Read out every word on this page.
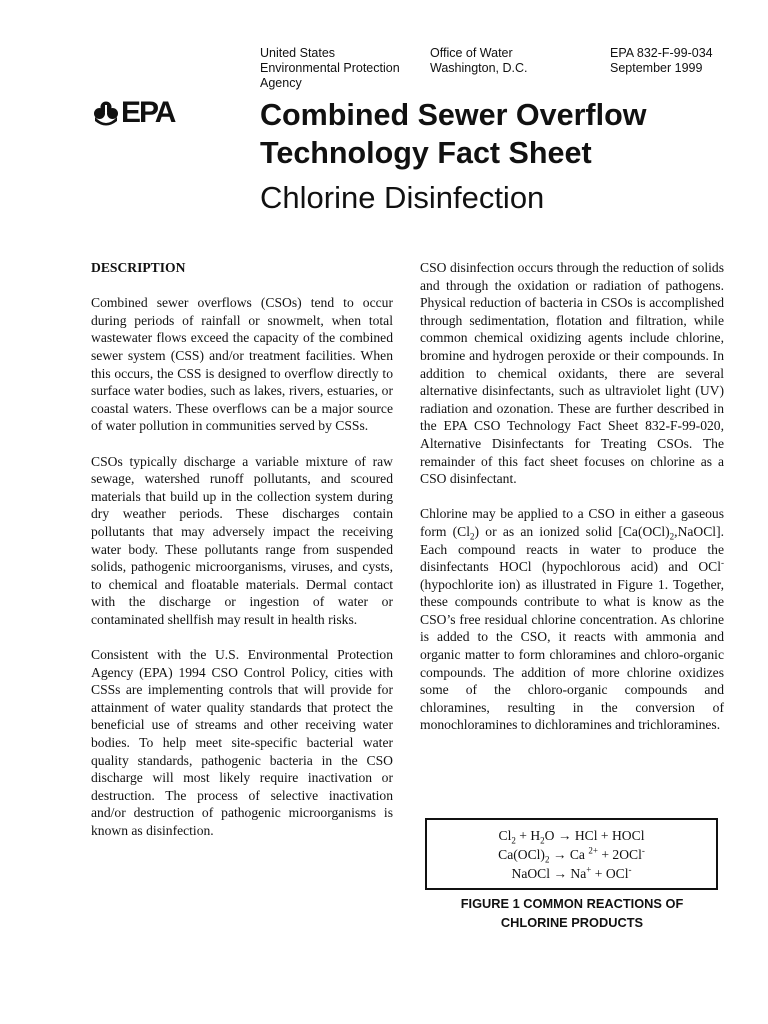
United States
Environmental Protection
Agency
Office of Water
Washington, D.C.
EPA 832-F-99-034
September 1999
EPA	Combined Sewer Overflow
Technology Fact Sheet
Chlorine Disinfection
DESCRIPTION

Combined sewer overflows (CSOs) tend to occur during periods of rainfall or snowmelt, when total wastewater flows exceed the capacity of the combined sewer system (CSS) and/or treatment facilities. When this occurs, the CSS is designed to overflow directly to surface water bodies, such as lakes, rivers, estuaries, or coastal waters. These overflows can be a major source of water pollution in communities served by CSSs.

CSOs typically discharge a variable mixture of raw sewage, watershed runoff pollutants, and scoured materials that build up in the collection system during dry weather periods. These discharges contain pollutants that may adversely impact the receiving water body. These pollutants range from suspended solids, pathogenic microorganisms, viruses, and cysts, to chemical and floatable materials. Dermal contact with the discharge or ingestion of water or contaminated shellfish may result in health risks.

Consistent with the U.S. Environmental Protection Agency (EPA) 1994 CSO Control Policy, cities with CSSs are implementing controls that will provide for attainment of water quality standards that protect the beneficial use of streams and other receiving water bodies. To help meet site-specific bacterial water quality standards, pathogenic bacteria in the CSO discharge will most likely require inactivation or destruction. The process of selective inactivation and/or destruction of pathogenic microorganisms is known as disinfection.

CSO disinfection occurs through the reduction of solids and through the oxidation or radiation of pathogens. Physical reduction of bacteria in CSOs is accomplished through sedimentation, flotation and filtration, while common chemical oxidizing agents include chlorine, bromine and hydrogen peroxide or their compounds. In addition to chemical oxidants, there are several alternative disinfectants, such as ultraviolet light (UV) radiation and ozonation. These are further described in the EPA CSO Technology Fact Sheet 832-F-99-020, Alternative Disinfectants for Treating CSOs. The remainder of this fact sheet focuses on chlorine as a CSO disinfectant.

Chlorine may be applied to a CSO in either a gaseous form $(Cl_2)$ or as an ionized solid $[Ca(OCl)_2,NaOCl]$. Each compound reacts in water to produce the disinfectants HOCl (hypochlorous acid) and OCl- (hypochlorite ion) as illustrated in Figure 1. Together, these compounds contribute to what is know as the CSO’s free residual chlorine concentration. As chlorine is added to the CSO, it reacts with ammonia and organic matter to form chloramines and chloro-organic compounds. The addition of more chlorine oxidizes some of the chloro-organic compounds and chloramines, resulting in the conversion of monochloramines to dichloramines and trichloramines.

$Cl_2 + H_2O$ → HCl + HOCl
$Ca(OCl)_2 \to Ca$ $^{2+}$ + 2OCl-
NaOCl → Na+ + OCl-
FIGURE 1 COMMON REACTIONS OF
CHLORINE PRODUCTS
